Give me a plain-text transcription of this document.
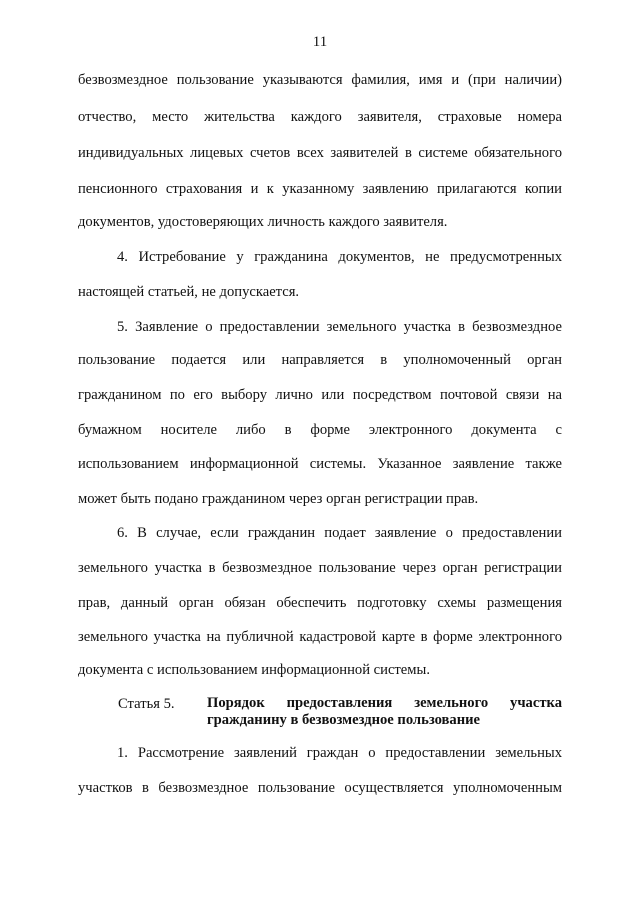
11
безвозмездное пользование указываются фамилия, имя и (при наличии)
отчество, место жительства каждого заявителя, страховые номера
индивидуальных лицевых счетов всех заявителей в системе обязательного
пенсионного страхования и к указанному заявлению прилагаются копии
документов, удостоверяющих личность каждого заявителя.
4. Истребование у гражданина документов, не предусмотренных
настоящей статьей, не допускается.
5. Заявление о предоставлении земельного участка в безвозмездное
пользование подается или направляется в уполномоченный орган
гражданином по его выбору лично или посредством почтовой связи на
бумажном носителе либо в форме электронного документа с
использованием информационной системы. Указанное заявление также
может быть подано гражданином через орган регистрации прав.
6. В случае, если гражданин подает заявление о предоставлении
земельного участка в безвозмездное пользование через орган регистрации
прав, данный орган обязан обеспечить подготовку схемы размещения
земельного участка на публичной кадастровой карте в форме электронного
документа с использованием информационной системы.
Статья 5. Порядок предоставления земельного участка
гражданину в безвозмездное пользование
1. Рассмотрение заявлений граждан о предоставлении земельных
участков в безвозмездное пользование осуществляется уполномоченным
